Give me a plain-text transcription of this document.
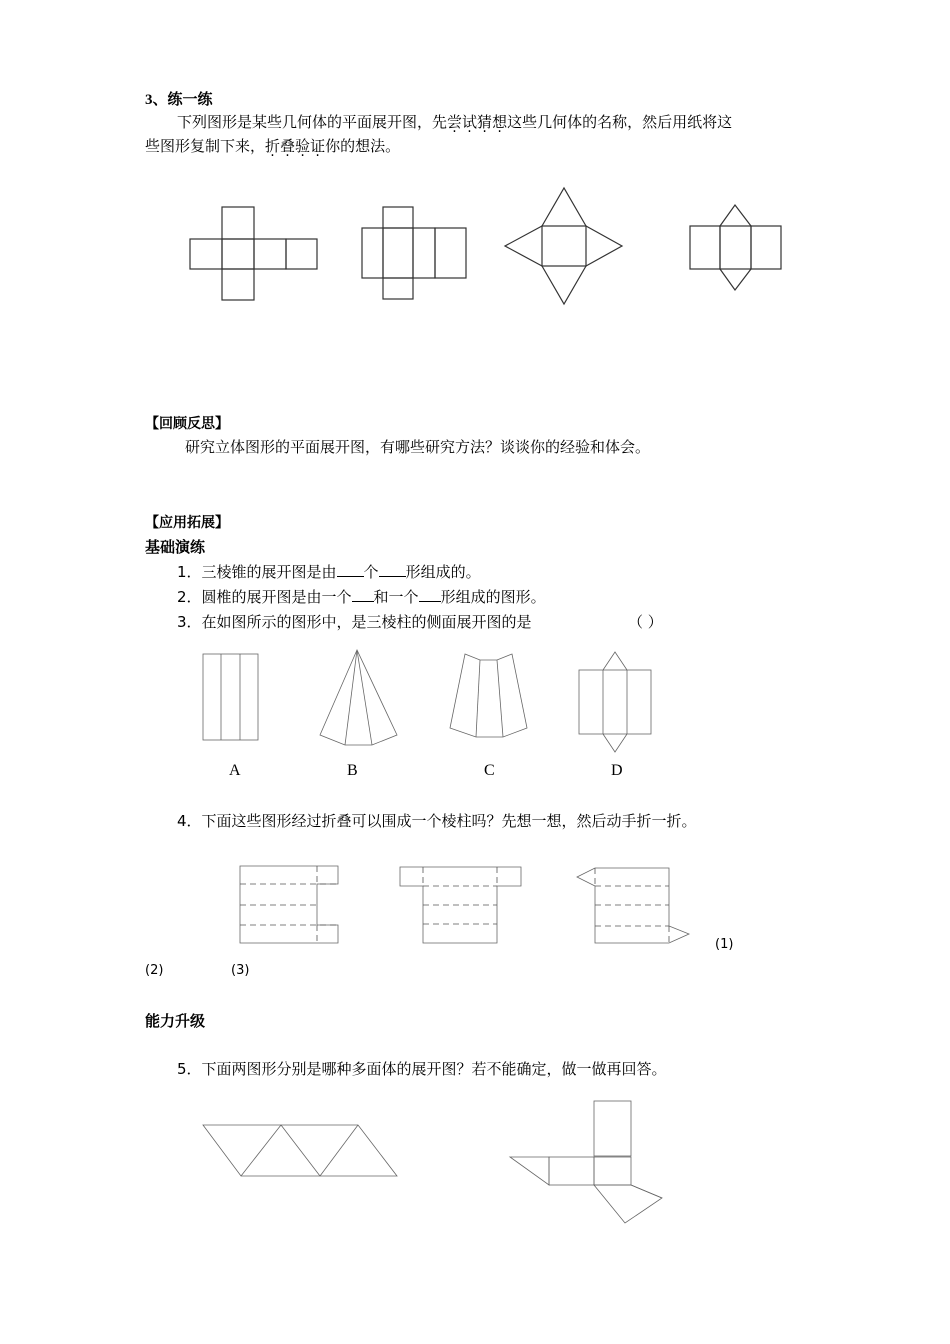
3、练一练
下列图形是某些几何体的平面展开图，先尝试猜想这些几何体的名称，然后用纸将这
些图形复制下来，折叠验证你的想法。
【回顾反思】
研究立体图形的平面展开图，有哪些研究方法？谈谈你的经验和体会。
【应用拓展】
基础演练
1．三棱锥的展开图是由 个 形组成的。
2．圆椎的展开图是由一个 和一个 形组成的图形。
3．在如图所示的图形中，是三棱柱的侧面展开图的是	（ ）
A	B	C	D
4．下面这些图形经过折叠可以围成一个棱柱吗？先想一想，然后动手折一折。
(1)
(2)	(3)
能力升级
5．下面两图形分别是哪种多面体的展开图？若不能确定，做一做再回答。
